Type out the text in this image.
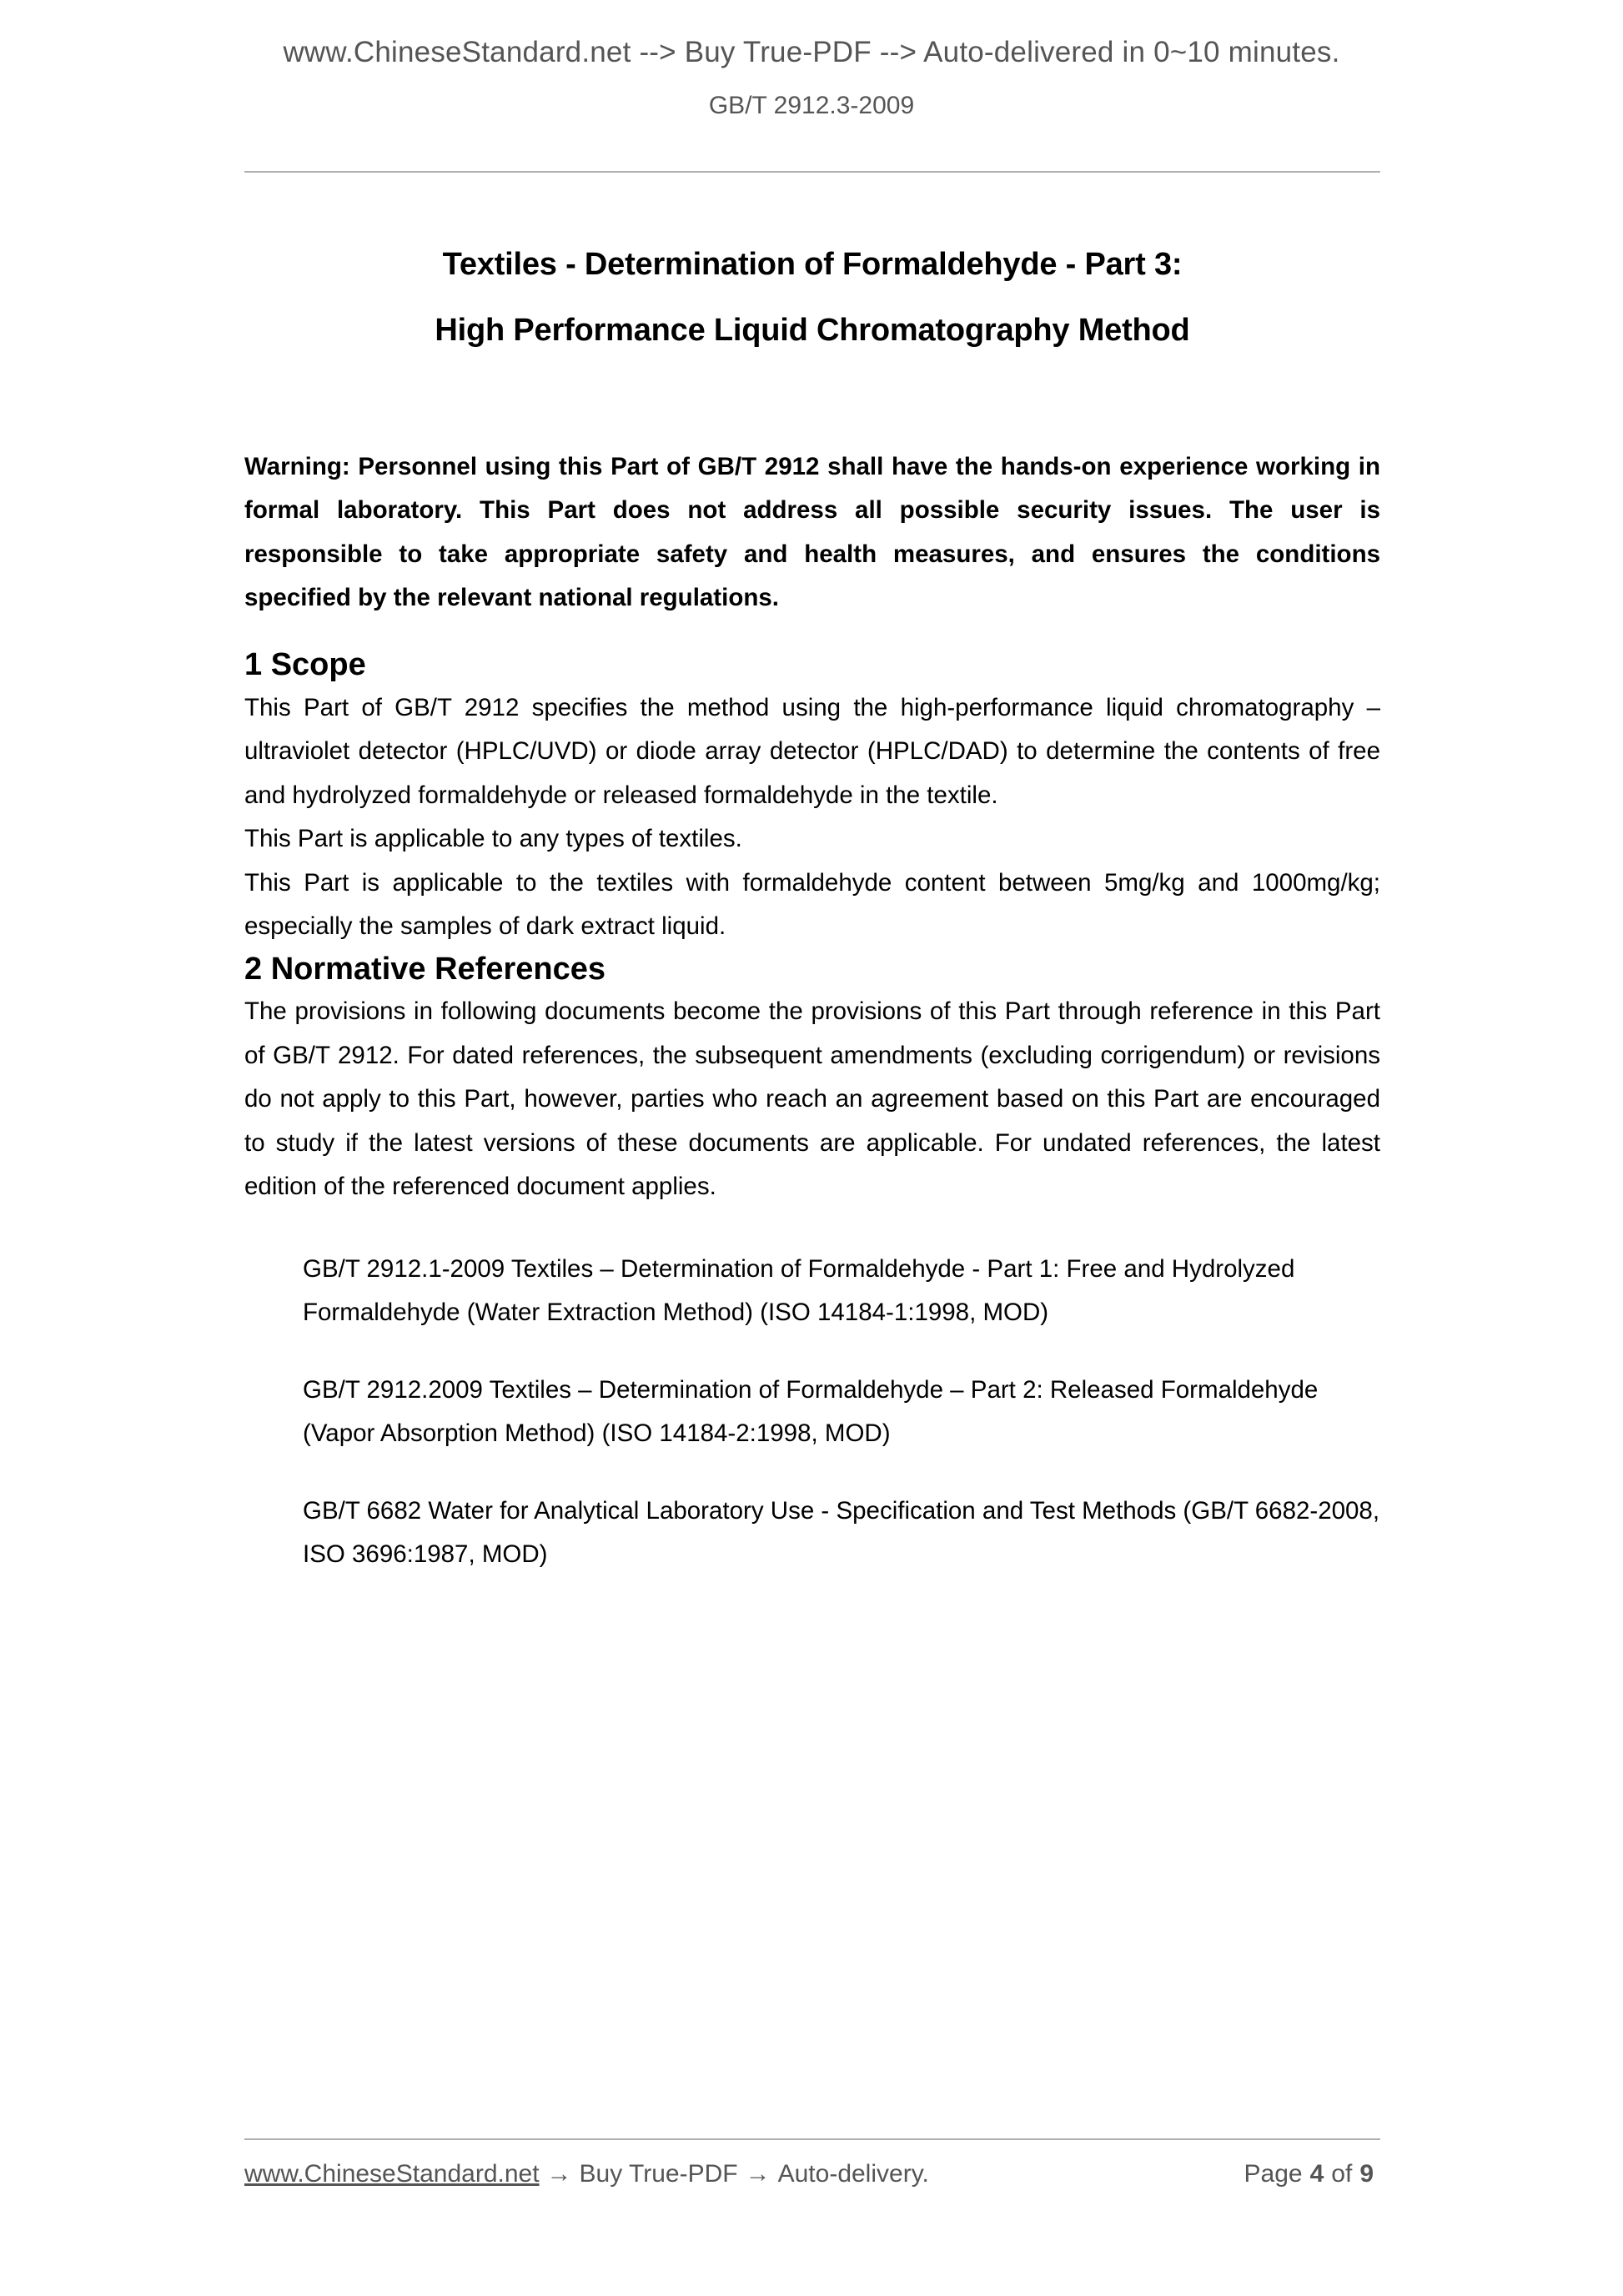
www.ChineseStandard.net --> Buy True-PDF --> Auto-delivered in 0~10 minutes.
GB/T 2912.3-2009
Textiles - Determination of Formaldehyde - Part 3:
High Performance Liquid Chromatography Method

Warning: Personnel using this Part of GB/T 2912 shall have the hands-on experience working in formal laboratory. This Part does not address all possible security issues. The user is responsible to take appropriate safety and health measures, and ensures the conditions specified by the relevant national regulations.

1 Scope

This Part of GB/T 2912 specifies the method using the high-performance liquid chromatography – ultraviolet detector (HPLC/UVD) or diode array detector (HPLC/DAD) to determine the contents of free and hydrolyzed formaldehyde or released formaldehyde in the textile.

This Part is applicable to any types of textiles.

This Part is applicable to the textiles with formaldehyde content between 5mg/kg and 1000mg/kg; especially the samples of dark extract liquid.

2 Normative References

The provisions in following documents become the provisions of this Part through reference in this Part of GB/T 2912. For dated references, the subsequent amendments (excluding corrigendum) or revisions do not apply to this Part, however, parties who reach an agreement based on this Part are encouraged to study if the latest versions of these documents are applicable. For undated references, the latest edition of the referenced document applies.

GB/T 2912.1-2009 Textiles – Determination of Formaldehyde - Part 1: Free and Hydrolyzed Formaldehyde (Water Extraction Method) (ISO 14184-1:1998, MOD)

GB/T 2912.2009 Textiles – Determination of Formaldehyde – Part 2: Released Formaldehyde (Vapor Absorption Method) (ISO 14184-2:1998, MOD)

GB/T 6682 Water for Analytical Laboratory Use - Specification and Test Methods (GB/T 6682-2008, ISO 3696:1987, MOD)

www.ChineseStandard.net → Buy True-PDF → Auto-delivery.	Page 4 of 9
